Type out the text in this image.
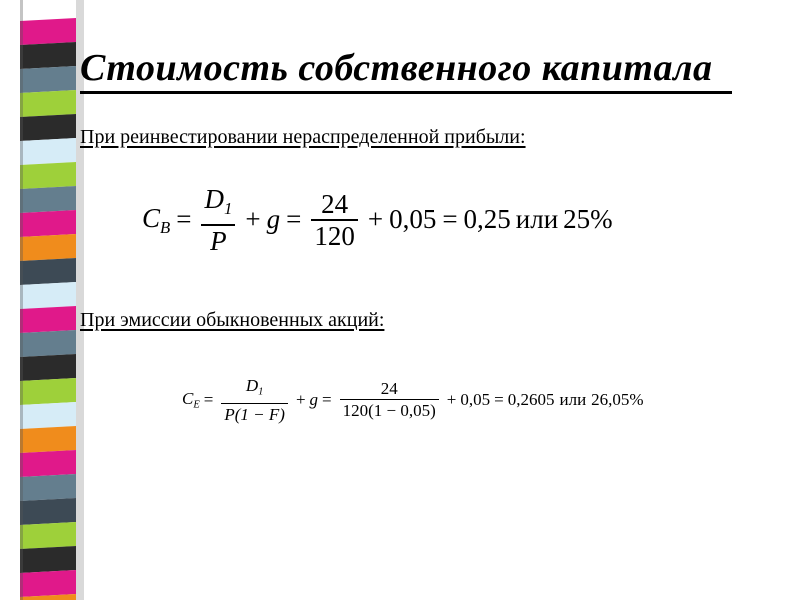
Стоимость собственного капитала
При реинвестировании нераспределенной прибыли:
$C_B = \frac{D_1}{P} + g = \frac{24}{120} + 0,05 = 0,25$ или 25%
При эмиссии обыкновенных акций:
$C_E = \frac{D_1}{P(1 - F)} + g = \frac{24}{120(1 - 0,05)} + 0,05 = 0,2605$ или 26,05%
